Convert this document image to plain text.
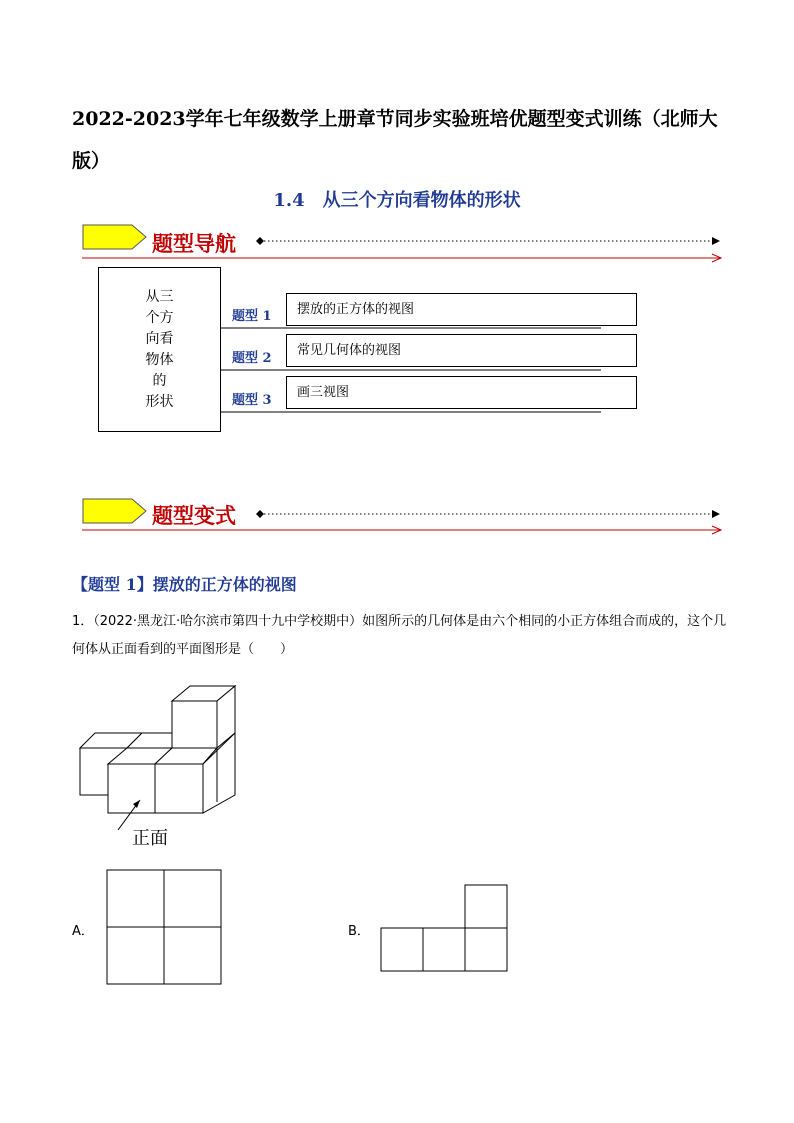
2022-2023学年七年级数学上册章节同步实验班培优题型变式训练（北师大版）
1.4　从三个方向看物体的形状
题型导航
从三
个方
向看
物体
的
形状
题型 1	摆放的正方体的视图
题型 2
常见几何体的视图
题型 3
画三视图
题型变式
【题型 1】摆放的正方体的视图
1．（2022·黑龙江·哈尔滨市第四十九中学校期中）如图所示的几何体是由六个相同的小正方体组合而成的，这个几何体从正面看到的平面图形是（　　）
正面
A．	B．
